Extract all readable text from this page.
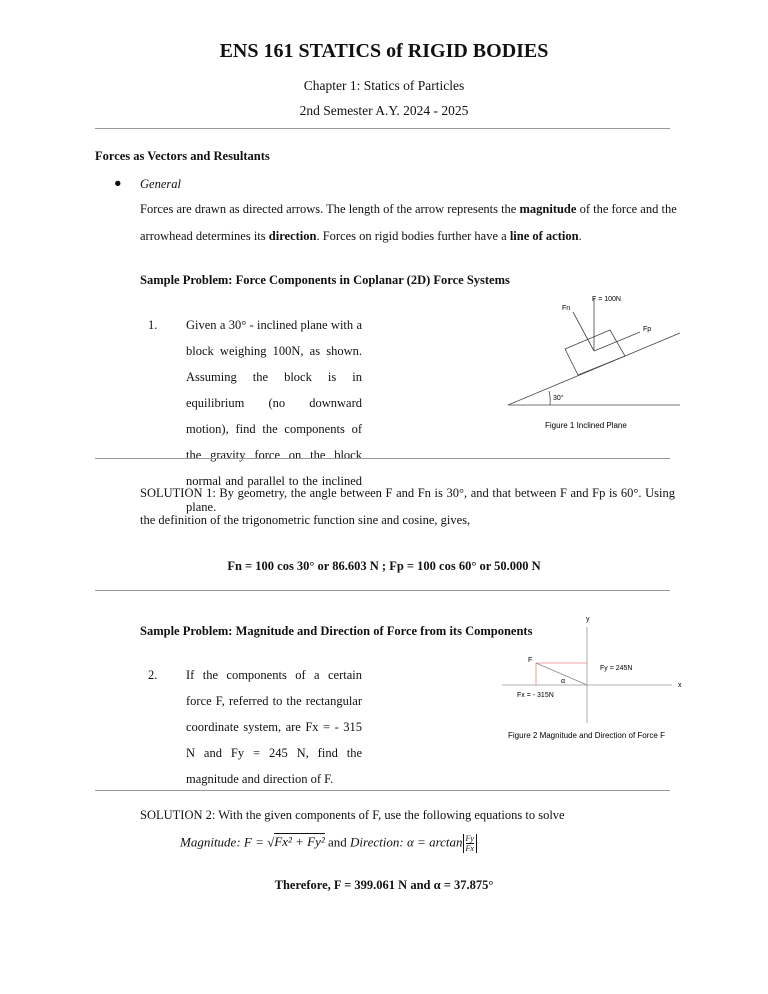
ENS 161 STATICS of RIGID BODIES
Chapter 1: Statics of Particles
2nd Semester A.Y. 2024 - 2025
Forces as Vectors and Resultants
● General
Forces are drawn as directed arrows. The length of the arrow represents the magnitude of the force and the arrowhead determines its direction. Forces on rigid bodies further have a line of action.
Sample Problem: Force Components in Coplanar (2D) Force Systems
1. Given a 30° - inclined plane with a block weighing 100N, as shown. Assuming the block is in equilibrium (no downward motion), find the components of the gravity force on the block normal and parallel to the inclined plane.
F = 100N
Fn
Fp
30°
Figure 1 Inclined Plane
SOLUTION 1: By geometry, the angle between F and Fn is 30°, and that between F and Fp is 60°. Using the definition of the trigonometric function sine and cosine, gives,
Fn = 100 cos 30° or 86.603 N ; Fp = 100 cos 60° or 50.000 N
Sample Problem: Magnitude and Direction of Force from its Components
2. If the components of a certain force F, referred to the rectangular coordinate system, are Fx = - 315 N and Fy = 245 N, find the magnitude and direction of F.
y
x
F
Fy = 245N
Fx = - 315N
α
Figure 2 Magnitude and Direction of Force F
SOLUTION 2: With the given components of F, use the following equations to solve
Magnitude: F = √Fx² + Fy² and Direction: $\alpha = \arctan \frac{Fy}{Fx}$
Therefore, F = 399.061 N and α = 37.875°
